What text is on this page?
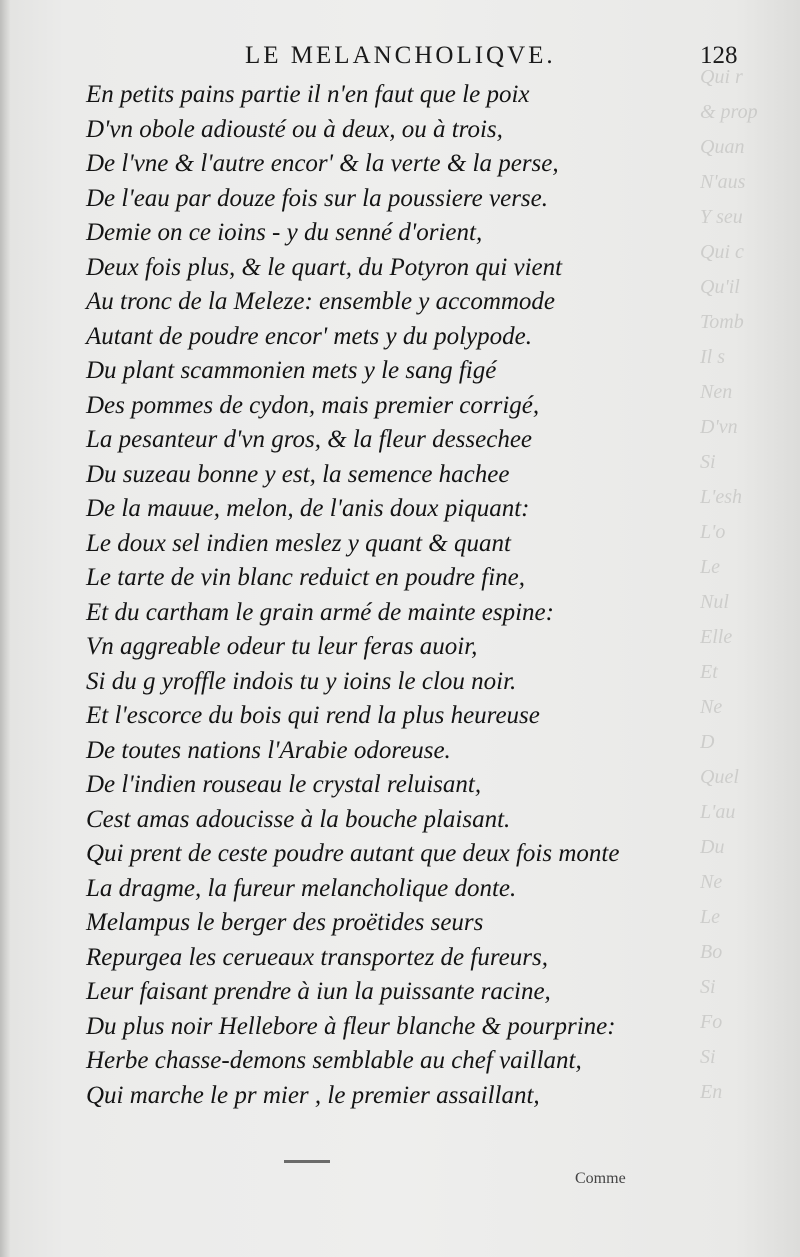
Qui r
& prop
Quan
N'aus
Y seu
Qui c
Qu'il
Tomb
Il s
Nen
D'vn
Si
L'esh
L'o
Le
Nul
Elle
Et
Ne
D
Quel
L'au
Du
Ne
Le
Bo
Si
Fo
Si
En
LE MELANCHOLIQVE.	128
En petits pains partie il n'en faut que le poix
D'vn obole adiousté ou à deux, ou à trois,
De l'vne & l'autre encor' & la verte & la perse,
De l'eau par douze fois sur la poussiere verse.
Demie on ce ioins - y du senné d'orient,
Deux fois plus, & le quart, du Potyron qui vient
Au tronc de la Meleze: ensemble y accommode
Autant de poudre encor' mets y du polypode.
Du plant scammonien mets y le sang figé
Des pommes de cydon, mais premier corrigé,
La pesanteur d'vn gros, & la fleur dessechee
Du suzeau bonne y est, la semence hachee
De la mauue, melon, de l'anis doux piquant:
Le doux sel indien meslez y quant & quant
Le tarte de vin blanc reduict en poudre fine,
Et du cartham le grain armé de mainte espine:
Vn aggreable odeur tu leur feras auoir,
Si du g yroffle indois tu y ioins le clou noir.
Et l'escorce du bois qui rend la plus heureuse
De toutes nations l'Arabie odoreuse.
De l'indien rouseau le crystal reluisant,
Cest amas adoucisse à la bouche plaisant.
Qui prent de ceste poudre autant que deux fois monte
La dragme, la fureur melancholique donte.
Melampus le berger des proëtides seurs
Repurgea les cerueaux transportez de fureurs,
Leur faisant prendre à iun la puissante racine,
Du plus noir Hellebore à fleur blanche & pourprine:
Herbe chasse-demons semblable au chef vaillant,
Qui marche le pr mier , le premier assaillant,
Comme
